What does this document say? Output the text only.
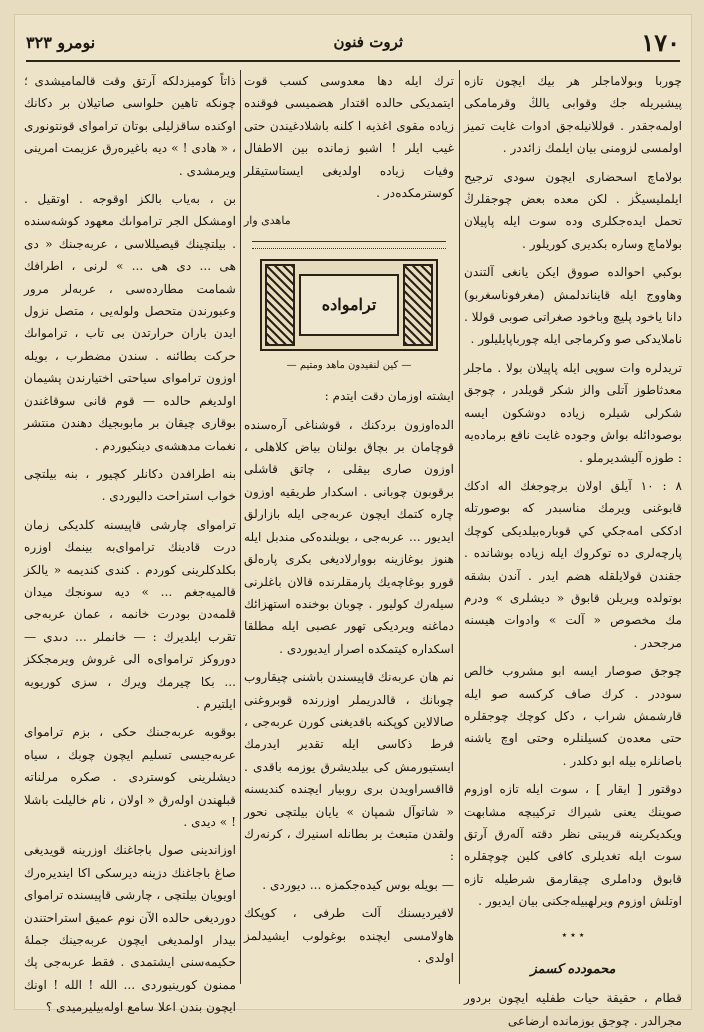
١٧٠
ثروت فنون
نومرو ٣٢٣

چوربا وبولاماجلر هر بيك ايچون تازه پيشيريله جك وقوابى يالڭ وقرمامكى اولمه‌جقدر . قوللانيله‌جق ادوات غايت تميز اولمسى لزومنى بيان ايلمك زائددر .

بولاماچ اسحضارى ايچون سودى ترجيح ايلمليسيڭز . لكن معده بعض چوجقلرڭ تحمل ايده‌جكلرى وده سوت ايله پاپيلان بولاماچ وساره بكديرى كوريلور .

بوكبي احوالده صووق ايكن يانغى آلتندن وهاووج ايله قايناندلمش (مغرفوناسغربو) دانا ياخود پليچ وباخود صغراتى صوبى قوللا . ناملايدكى صو وكرماجى ايله چورباپايليلور .

تريدلره وات سوپى ايله پاپيلان بولا . ماجلر معدثاطوز آتلى والز شكر قويلدر ، چوجق شكرلى شيلره زياده دوشكون ايسه بوصودائله بواش وجوده غايت نافع برماده‌يه : طوزه آليشديرملو .

٨ : ١٠ آيلق اولان برچوجغك اله ادكك قابوغنى ويرمك مناسبدر كه بوصورتله ادككى امه‌جكي كي قوباره‌بيلديكى كوچك پارچه‌لرى ده توكروك ايله زياده بوشانده . جقندن قولايلقله هضم ايدر . آندن بشقه بوتولده ويريلن قابوق « ديشلرى » ودرم مك مخصوص « آلت » وادوات هيسنه مرجحدر .

چوجق صوصار ايسه ابو مشروب خالص سوددر . كرك صاف كركسه صو ايله قارشمش شراب ، دكل كوچك چوجقلره حتى معده‌ن كسيلنلره وحتى اوچ ياشنه باصانلره بيله ابو دكلدر .

دوقتور [ ايقار ] ، سوت ايله تازه اوزوم صوينك يعنى شيراك تركيبچه مشابهت ويكديكرينه قريبتى نظر دقته آلەرق آرتق سوت ايله تغديلرى كافى كلين چوچقلره قابوق وداملرى چيقارمق شرطيله تازه اوتلش اوزوم ويرلهبيله‌جكنى بيان ايديور .

٭ ٭ ٭
محمودده كسمز

قطام ، حقيقة حيات طفليه ايچون بردور مجرالدر . چوجق بوزمانده ارضاعى

ترك ايله دها معدوسى كسب قوت ايتمديكى حالده اقتدار هضميسى فوقنده زياده مقوى اغذيه ا كلنه باشلادغيندن حتى غيب ايلر ! اشبو زمانده بين الاطفال وفيات زياده اولديغى ايستاستيقلر كوسترمكده‌در .

ماهدى وار
ترامواده
— كين لنفيدون ماهد ومتيم —

ايشته اوزمان دقت ايتدم :

الده‌اوزون بردكنك ، قوشناغى آرەسنده قوچامان بر بچاق بولنان بياض كلاهلى ، اوزون صارى بيقلى ، چاتق قاشلى برقوبون چوبانى . اسكدار طريقيه اوزون چاره كتمك ايچون عربه‌جى ايله بازارلق ايديور ... عربه‌جى ، بويلنده‌كى مندبل ايله هنوز بوغازينه بووارلاديغى بكرى پاره‌لق قورو بوغاچەيك پارمقلرنده قالان باغلرنى سيله‌رك كوليور . چوبان بوخنده استهزائك دماغنه ويرديكى تهور عصبى ايله مطلقا اسكداره كيتمكده اصرار ايديوردى .

نم هان عربه‌نك قاپيسندن باشنى چيقاروب چوبانك ، قالدريملر اوزرنده قوبروغنى صالالاين كوپكنه باقديغنى كورن عربه‌جى ، فرط ذكاسى ايله تقدير ايدرمك ايستيورمش كى بيلديشرق يوزمه باقدى . قااقسراويدن برى روبيار ايچنده كنديسنه « شاتوآل شمپان » يايان بيلتچى نحور ولقدن متبعث بر بطانله اسنيرك ، كرنه‌رك :

— بويله بوس كيده‌جكمزه ... ديوردى .

لافيرديسنك آلت طرفى ، كوپكك هاولامسى ايچنده بوغولوب ايشيدلمز اولدى .

ذاتاً كوميزدلكه آرتق وقت قالماميشدى ؛ چونكه تاهين حلواسى صاتيلان بر دكانك اوكنده ساقزليلى بوتان ترامواى قونتونوری ، « هادى ! » ديه باغيره‌رق عزيمت امرينى ويرمشدى .

بن ، بەياب بالكز اوقوجه . اوتقيل . اومشكل الجر ترامواىك معهود كوشه‌سنده . بيلتچينك قيصيللاسى ، عربه‌جىنك « دى هى ... دى هى ... » لرنى ، اطرافك شمامت مطارده‌سى ، عربه‌لر مرور وعبورندن متحصل ولوله‌يى ، متصل نزول ايدن باران حرارتدن بى تاب ، ترامواىك حركت بطائنه . سندن مضطرب ، بويله اوزون ترامواى سياحتى اختيارندن پشيمان اولديغم حالده — قوم قانى سوقاغندن بوقارى چيقان بر مابوبجيك دهندن منتشر نغمات مدهشه‌ى دينكيوردم .

بنه اطرافدن دكانلر كچيور ، بنه بيلتچى خواب استراحت داليوردى .

ترامواى چارشى قاپيسنه كلديكى زمان درت قادينك ترامواى‌به بينمك اوزره بكلدكلرينى كوردم . كندى كنديمه « يالكز قالميه‌جغم ... » ديه سونجك ميدان قلمه‌دن بودرت خانمه ، عمان عربه‌جى تقرب ايلديرك : — خانملر ... دىدى — دوروكز ترامواى‌ه الى غروش ويرمجككز ... بكا چيرمك ويرك ، سزى كوريويه ايلتيرم .

بوقوبه عربه‌جىنك حكى ، بزم ترامواى عربه‌جيسى تسليم ايچون چوبك ، سياه ديشلرينى كوستردى . صكره مرلناته قبلهندن اولەرق « اولان ، نام خاليلت باشلا ! » ديدى .

اوزاندينى صول باجاغنك اوزرينه قويديغى صاغ باجاغنك دزينه ديرسكى اكا ايندیره‌رك اويويان بيلتچى ، چارشى قاپيسنده ترامواى دورديغى حالده الآن نوم عميق استراحتندن بيدار اولمديغى ايچون عربه‌جينك جملهٔ حكيمه‌سنى ايشتمدى . فقط عربه‌جى پك ممنون كورينيوردى ... الله ! الله ! اونك ايچون بندن اعلا سامع اوله‌بيليرميدى ؟
